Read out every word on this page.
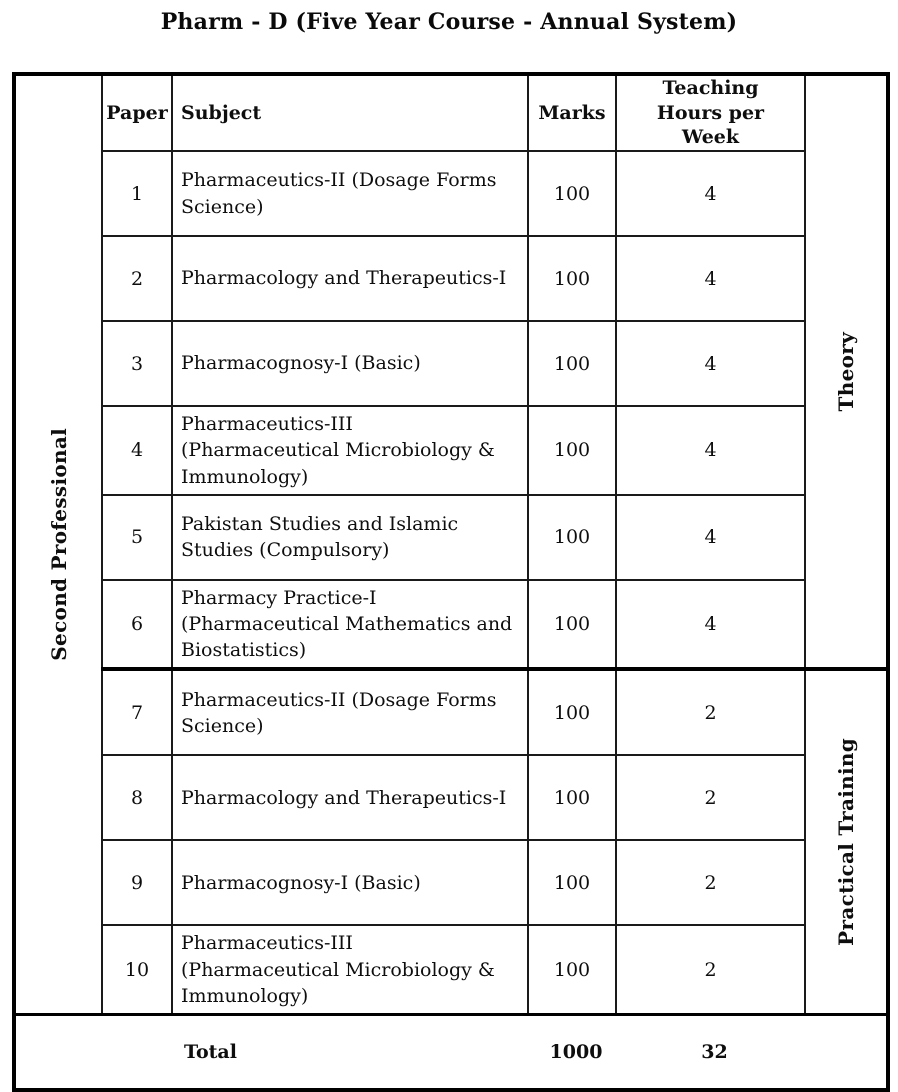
Pharm - D (Five Year Course - Annual System)
Second Professional	Paper	Subject	Marks	Teaching Hours per Week	Theory

	1	Pharmaceutics-II (Dosage Forms Science)	100	4	
	2	Pharmacology and Therapeutics-I	100	4	
	3	Pharmacognosy-I (Basic)	100	4	
	4	Pharmaceutics-III (Pharmaceutical Microbiology & Immunology)	100	4	
	5	Pakistan Studies and Islamic Studies (Compulsory)	100	4	
	6	Pharmacy Practice-I (Pharmaceutical Mathematics and Biostatistics)	100	4	
	7	Pharmaceutics-II (Dosage Forms Science)	100	2	Practical Training

	8	Pharmacology and Therapeutics-I	100	2	
	9	Pharmacognosy-I (Basic)	100	2	
	10	Pharmaceutics-III (Pharmaceutical Microbiology & Immunology)	100	2	

Total 1000 32					
